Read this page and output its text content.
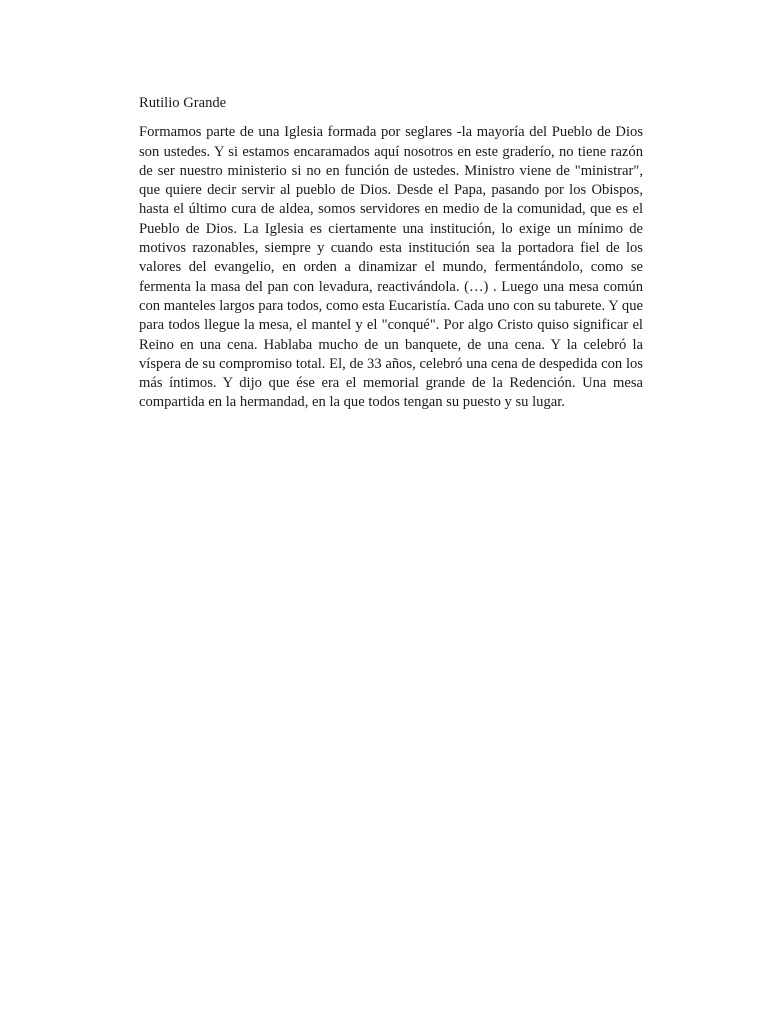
Rutilio Grande

Formamos parte de una Iglesia formada por seglares -la mayoría del Pueblo de Dios son ustedes. Y si estamos encaramados aquí nosotros en este graderío, no tiene razón de ser nuestro ministerio si no en función de ustedes. Ministro viene de "ministrar", que quiere decir servir al pueblo de Dios. Desde el Papa, pasando por los Obispos, hasta el último cura de aldea, somos servidores en medio de la comunidad, que es el Pueblo de Dios. La Iglesia es ciertamente una institución, lo exige un mínimo de motivos razonables, siempre y cuando esta institución sea la portadora fiel de los valores del evangelio, en orden a dinamizar el mundo, fermentándolo, como se fermenta la masa del pan con levadura, reactivándola. (…) . Luego una mesa común con manteles largos para todos, como esta Eucaristía. Cada uno con su taburete. Y que para todos llegue la mesa, el mantel y el "conqué". Por algo Cristo quiso significar el Reino en una cena. Hablaba mucho de un banquete, de una cena. Y la celebró la víspera de su compromiso total. El, de 33 años, celebró una cena de despedida con los más íntimos. Y dijo que ése era el memorial grande de la Redención. Una mesa compartida en la hermandad, en la que todos tengan su puesto y su lugar.
